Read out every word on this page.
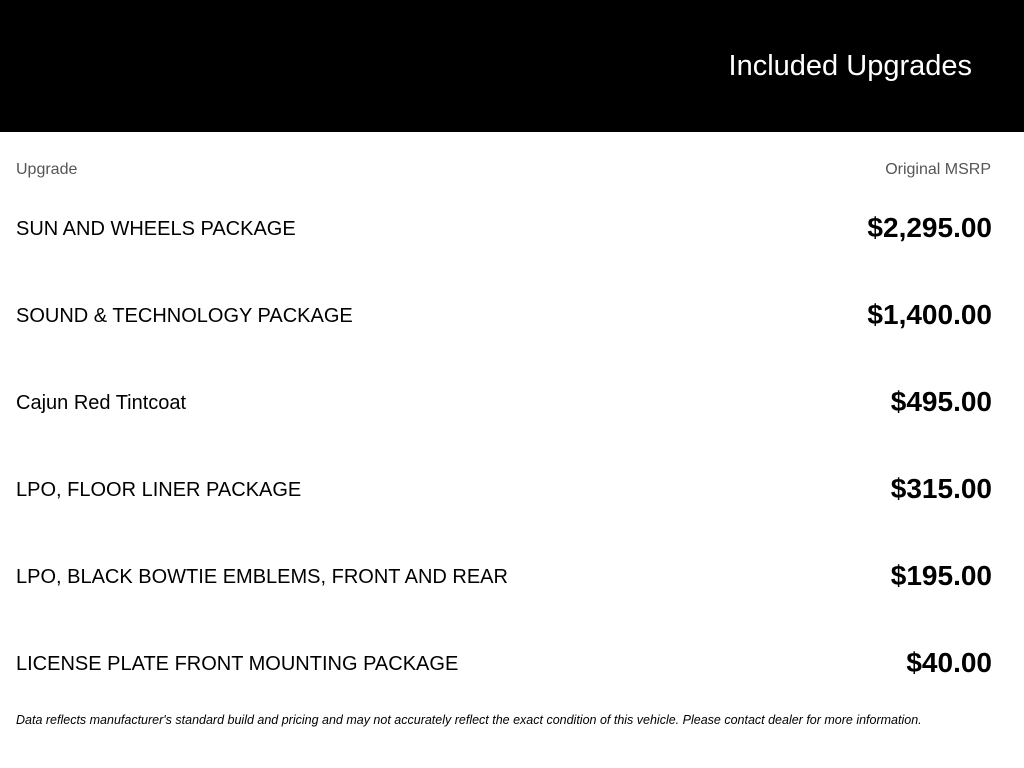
Included Upgrades
Upgrade	Original MSRP
SUN AND WHEELS PACKAGE	$2,295.00
SOUND & TECHNOLOGY PACKAGE	$1,400.00
Cajun Red Tintcoat	$495.00
LPO, FLOOR LINER PACKAGE	$315.00
LPO, BLACK BOWTIE EMBLEMS, FRONT AND REAR	$195.00
LICENSE PLATE FRONT MOUNTING PACKAGE	$40.00
Data reflects manufacturer's standard build and pricing and may not accurately reflect the exact condition of this vehicle. Please contact dealer for more information.
